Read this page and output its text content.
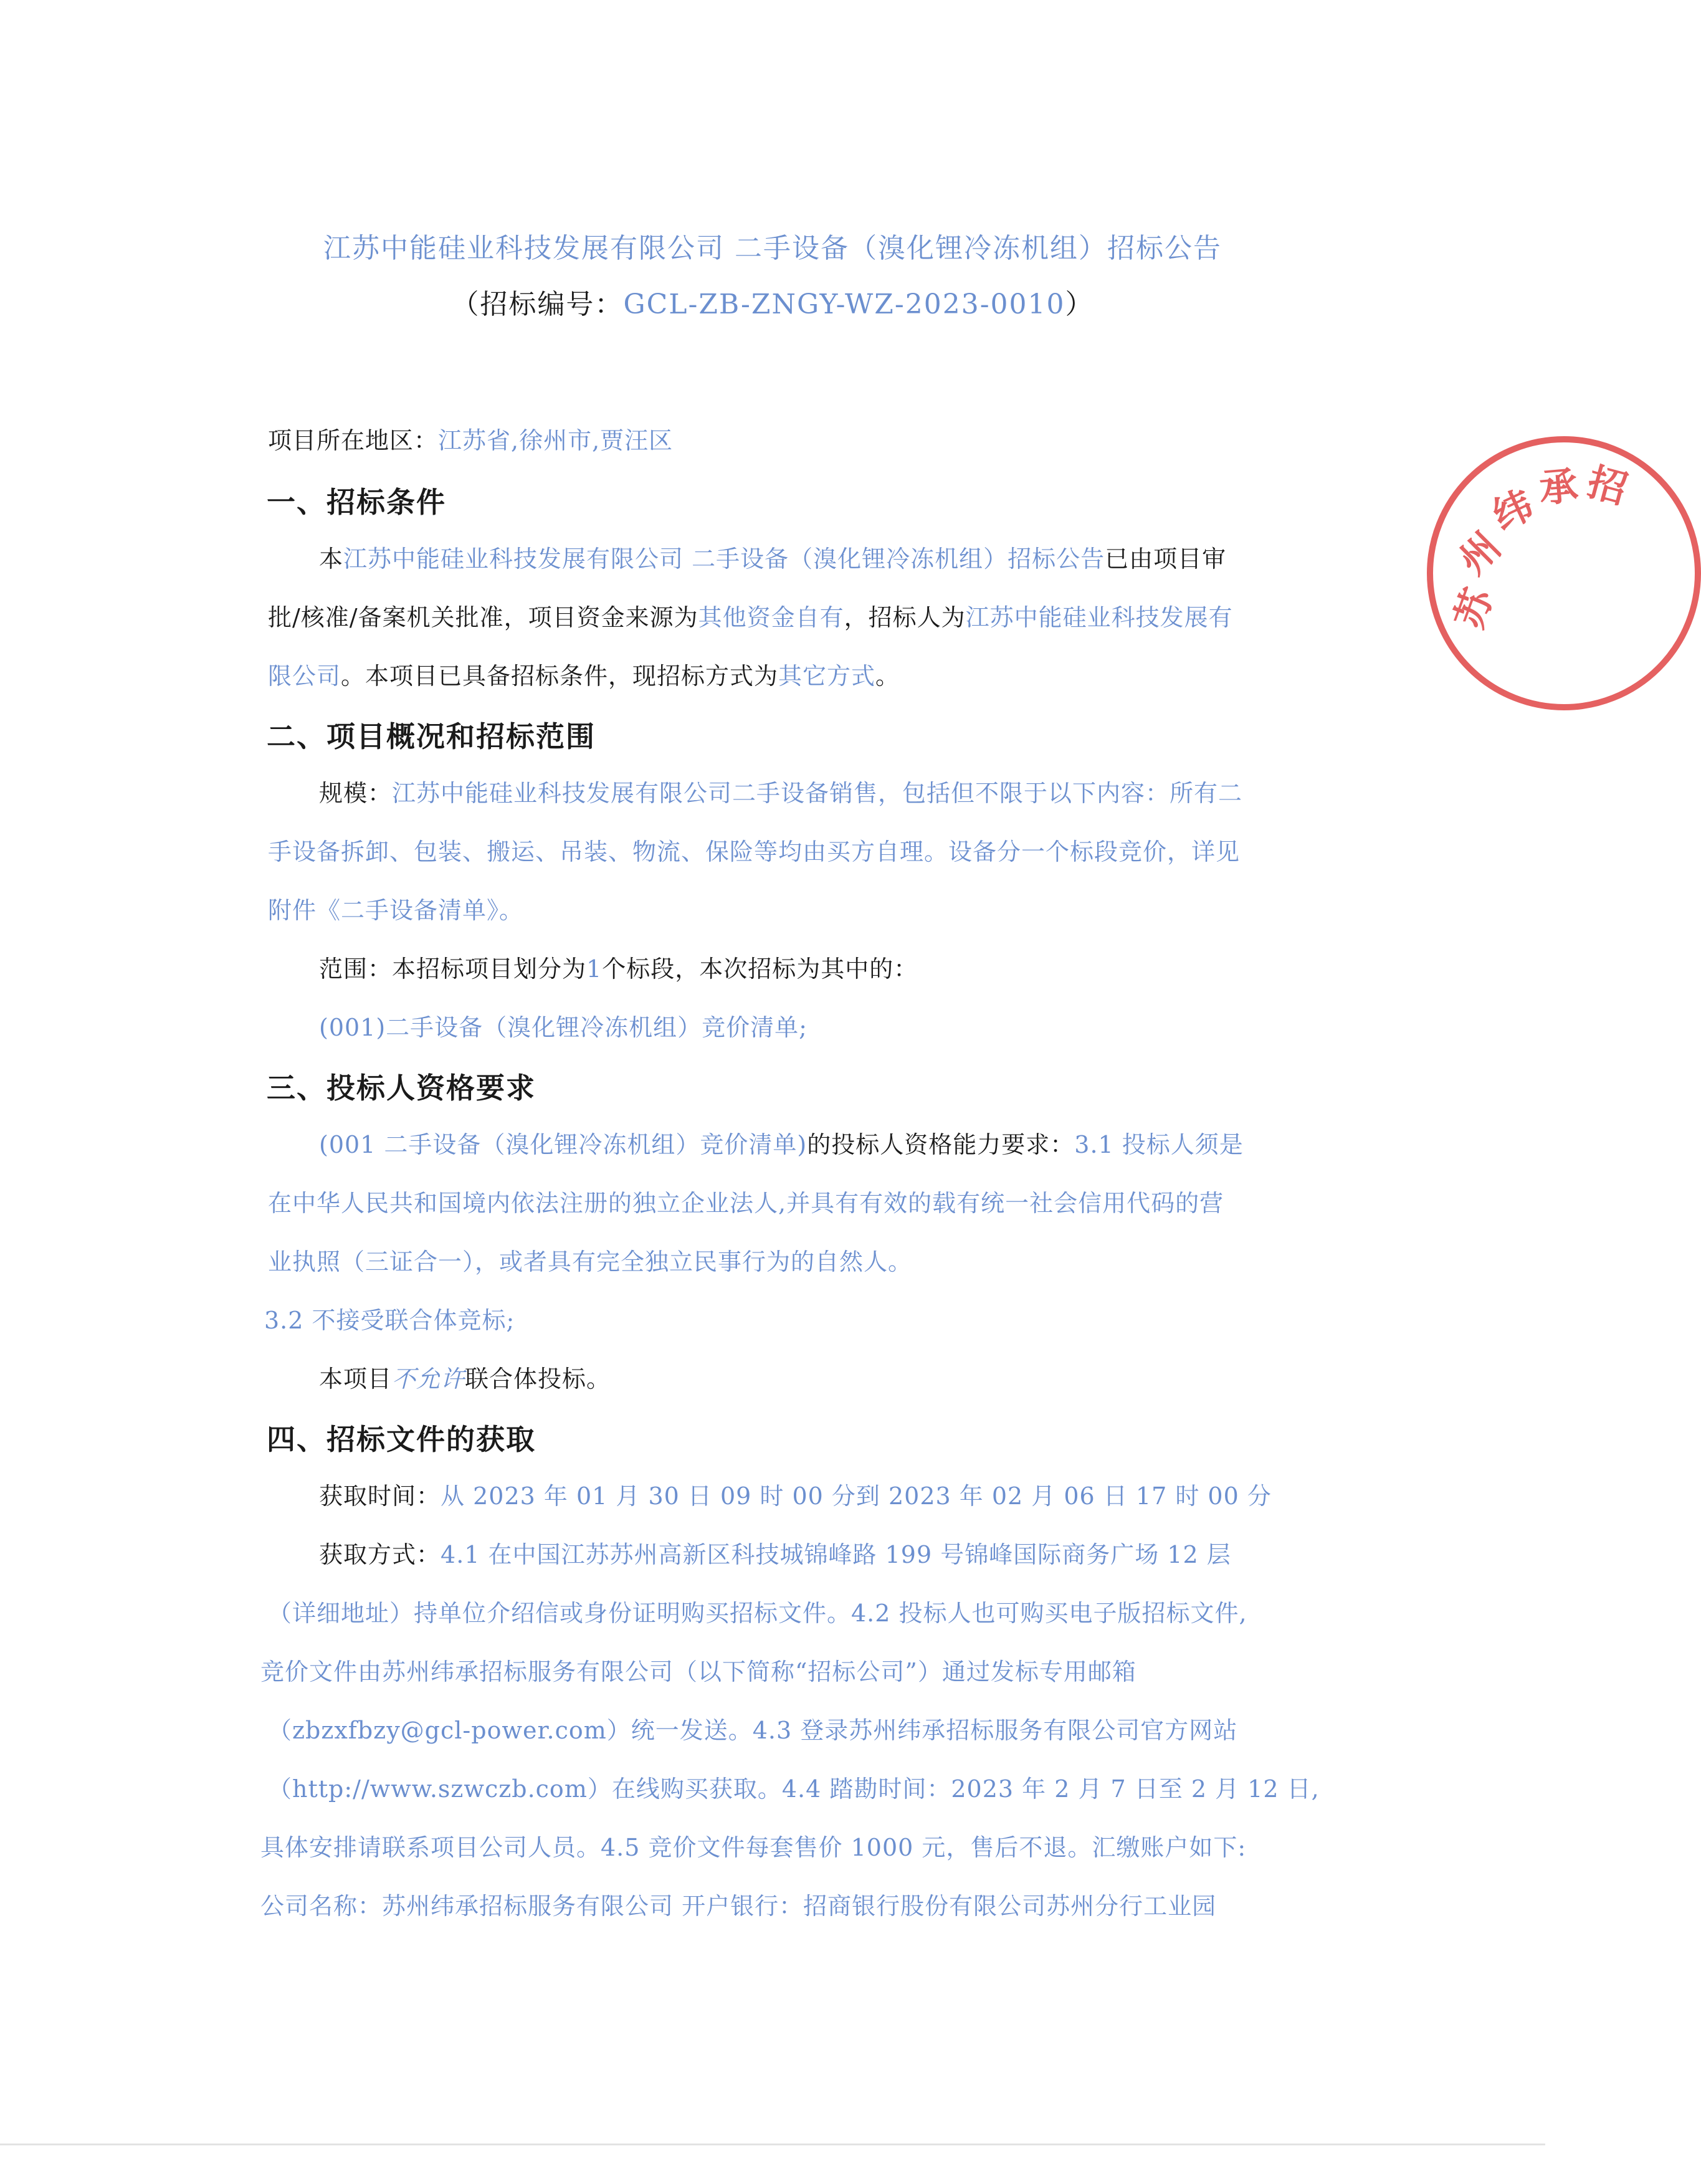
江苏中能硅业科技发展有限公司 二手设备（溴化锂冷冻机组）招标公告
（招标编号：GCL-ZB-ZNGY-WZ-2023-0010）
项目所在地区：江苏省,徐州市,贾汪区
一、招标条件
本江苏中能硅业科技发展有限公司 二手设备（溴化锂冷冻机组）招标公告已由项目审
批/核准/备案机关批准，项目资金来源为其他资金自有，招标人为江苏中能硅业科技发展有
限公司。本项目已具备招标条件，现招标方式为其它方式。
二、项目概况和招标范围
规模：江苏中能硅业科技发展有限公司二手设备销售，包括但不限于以下内容：所有二
手设备拆卸、包装、搬运、吊装、物流、保险等均由买方自理。设备分一个标段竞价，详见
附件《二手设备清单》。
范围：本招标项目划分为1个标段，本次招标为其中的：
(001)二手设备（溴化锂冷冻机组）竞价清单;
三、投标人资格要求
(001 二手设备（溴化锂冷冻机组）竞价清单)的投标人资格能力要求：3.1 投标人须是
在中华人民共和国境内依法注册的独立企业法人,并具有有效的载有统一社会信用代码的营
业执照（三证合一），或者具有完全独立民事行为的自然人。
3.2 不接受联合体竞标;
本项目不允许联合体投标。
四、招标文件的获取
获取时间：从 2023 年 01 月 30 日 09 时 00 分到 2023 年 02 月 06 日 17 时 00 分
获取方式：4.1 在中国江苏苏州高新区科技城锦峰路 199 号锦峰国际商务广场 12 层
（详细地址）持单位介绍信或身份证明购买招标文件。4.2 投标人也可购买电子版招标文件,
竞价文件由苏州纬承招标服务有限公司（以下简称“招标公司”）通过发标专用邮箱
（zbzxfbzy@gcl-power.com）统一发送。4.3 登录苏州纬承招标服务有限公司官方网站
（http://www.szwczb.com）在线购买获取。4.4 踏勘时间：2023 年 2 月 7 日至 2 月 12 日,
具体安排请联系项目公司人员。4.5 竞价文件每套售价 1000 元，售后不退。汇缴账户如下:
公司名称：苏州纬承招标服务有限公司 开户银行：招商银行股份有限公司苏州分行工业园
苏
州
纬
承 招
